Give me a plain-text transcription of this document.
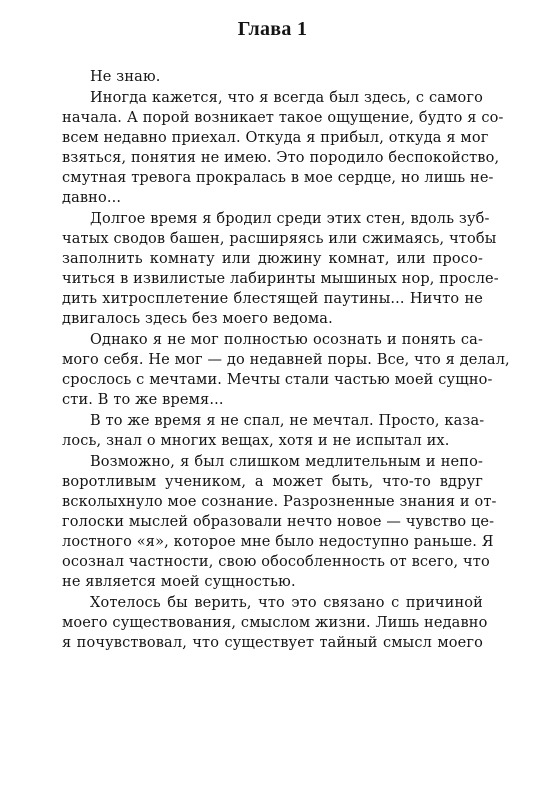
Глава 1
Не знаю.
Иногда кажется, что я всегда был здесь, с самого
начала. А порой возникает такое ощущение, будто я со-
всем недавно приехал. Откуда я прибыл, откуда я мог
взяться, понятия не имею. Это породило беспокойство,
смутная тревога прокралась в мое сердце, но лишь не-
давно...
Долгое время я бродил среди этих стен, вдоль зуб-
чатых сводов башен, расширяясь или сжимаясь, чтобы
заполнить комнату или дюжину комнат, или просо-
читься в извилистые лабиринты мышиных нор, просле-
дить хитросплетение блестящей паутины... Ничто не
двигалось здесь без моего ведома.
Однако я не мог полностью осознать и понять са-
мого себя. Не мог — до недавней поры. Все, что я делал,
срослось с мечтами. Мечты стали частью моей сущно-
сти. В то же время...
В то же время я не спал, не мечтал. Просто, каза-
лось, знал о многих вещах, хотя и не испытал их.
Возможно, я был слишком медлительным и непо-
воротливым учеником, а может быть, что-то вдруг
всколыхнуло мое сознание. Разрозненные знания и от-
голоски мыслей образовали нечто новое — чувство це-
лостного «я», которое мне было недоступно раньше. Я
осознал частности, свою обособленность от всего, что
не является моей сущностью.
Хотелось бы верить, что это связано с причиной
моего существования, смыслом жизни. Лишь недавно
я почувствовал, что существует тайный смысл моего
